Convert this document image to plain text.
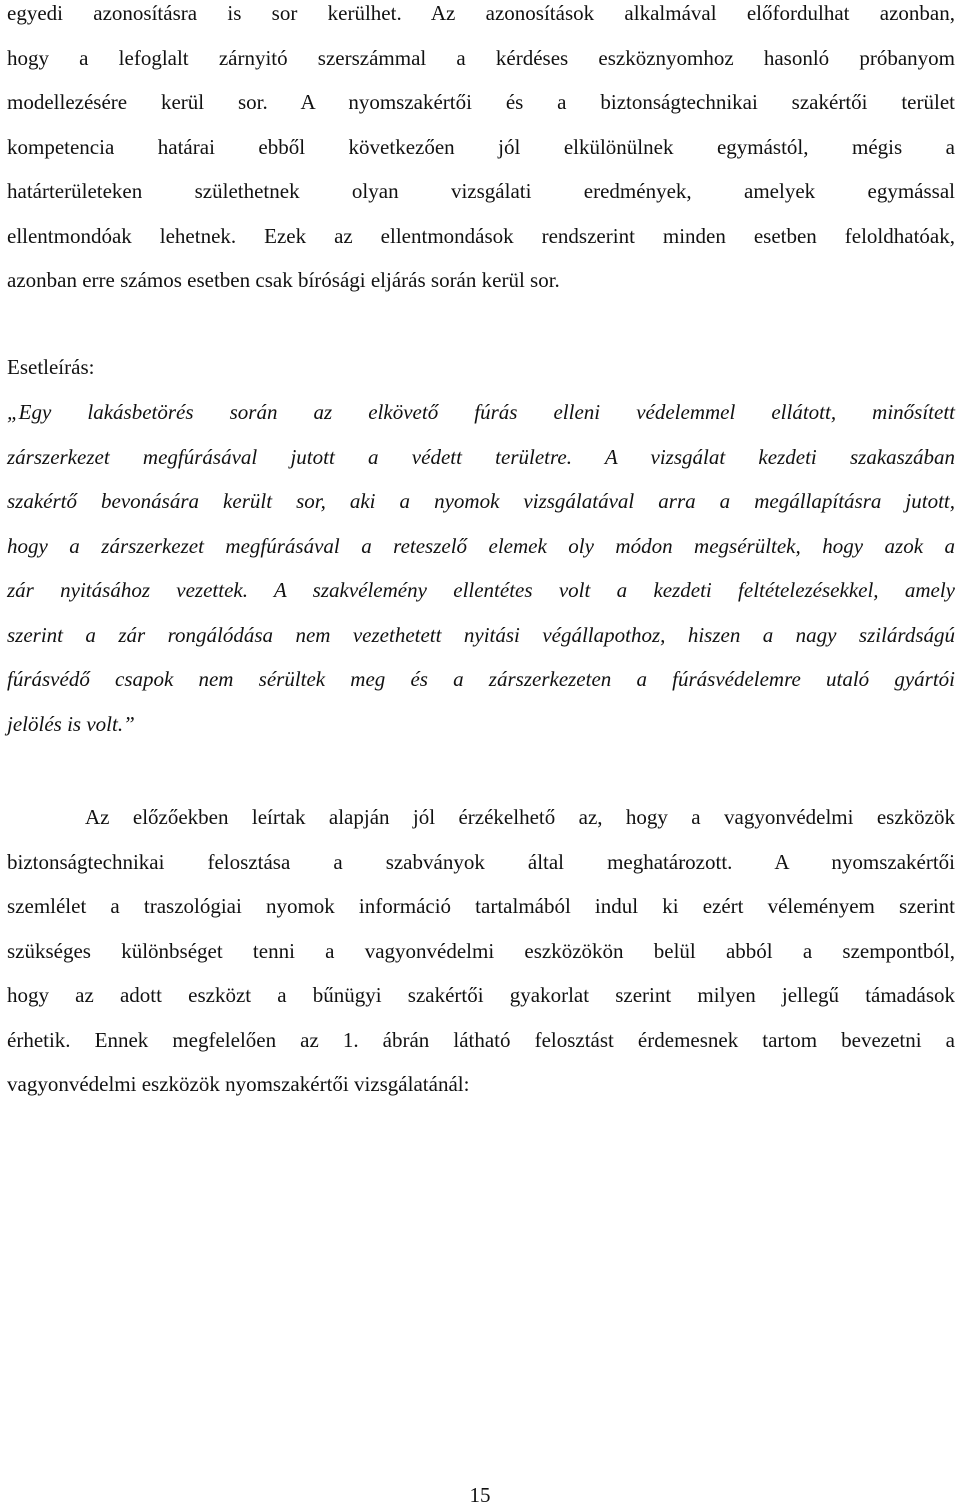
egyedi azonosításra is sor kerülhet. Az azonosítások alkalmával előfordulhat azonban,
hogy a lefoglalt zárnyitó szerszámmal a kérdéses eszköznyomhoz hasonló próbanyom
modellezésére kerül sor. A nyomszakértői és a biztonságtechnikai szakértői terület
kompetencia határai ebből következően jól elkülönülnek egymástól, mégis a
határterületeken születhetnek olyan vizsgálati eredmények, amelyek egymással
ellentmondóak lehetnek. Ezek az ellentmondások rendszerint minden esetben feloldhatóak,
azonban erre számos esetben csak bírósági eljárás során kerül sor.
Esetleírás:
„Egy lakásbetörés során az elkövető fúrás elleni védelemmel ellátott, minősített
zárszerkezet megfúrásával jutott a védett területre. A vizsgálat kezdeti szakaszában
szakértő bevonására került sor, aki a nyomok vizsgálatával arra a megállapításra jutott,
hogy a zárszerkezet megfúrásával a reteszelő elemek oly módon megsérültek, hogy azok a
zár nyitásához vezettek. A szakvélemény ellentétes volt a kezdeti feltételezésekkel, amely
szerint a zár rongálódása nem vezethetett nyitási végállapothoz, hiszen a nagy szilárdságú
fúrásvédő csapok nem sérültek meg és a zárszerkezeten a fúrásvédelemre utaló gyártói
jelölés is volt.”
Az előzőekben leírtak alapján jól érzékelhető az, hogy a vagyonvédelmi eszközök
biztonságtechnikai felosztása a szabványok által meghatározott. A nyomszakértői
szemlélet a traszológiai nyomok információ tartalmából indul ki ezért véleményem szerint
szükséges különbséget tenni a vagyonvédelmi eszközökön belül abból a szempontból,
hogy az adott eszközt a bűnügyi szakértői gyakorlat szerint milyen jellegű támadások
érhetik. Ennek megfelelően az 1. ábrán látható felosztást érdemesnek tartom bevezetni a
vagyonvédelmi eszközök nyomszakértői vizsgálatánál:
15
